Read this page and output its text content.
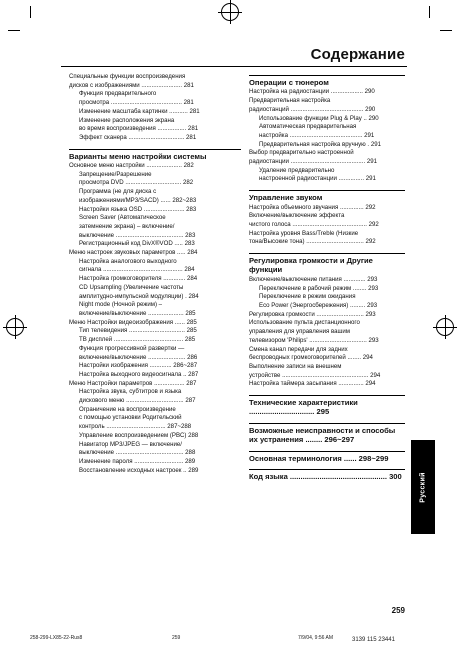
Содержание
Специальные функции воспроизведения
дисков с изображениями ........................ 281
Функция предварительного
просмотра .......................................... 281
Изменение масштаба картинки ........... 281
Изменение расположения экрана
во время воспроизведения ................. 281
Эффект сканера ................................. 281
Варианты меню настройки системы
Основное меню настройки ..................... 282
Запрещение/Разрешение
просмотра DVD ................................. 282
Программа (не для диска с
изображениями/MP3/SACD) ...... 282~283
Настройки языка OSD ........................ 283
Screen Saver (Автоматическое
затемнение экрана) – включение/
выключение ........................................ 283
Регистрационный код DivX®VOD ..... 283
Меню настроек звуковых параметров ..... 284
Настройка аналогового выходного
сигнала ............................................... 284
Настройка громкоговорителя ............. 284
CD Upsampling (Увеличение частоты
амплитудно-импульсной модуляции) . 284
Night mode (Ночной режим) –
включение/выключение ..................... 285
Меню Настройки видеоизображения ...... 285
Тип телевидения ................................. 285
ТВ дисплей ......................................... 285
Функция прогрессивной развертки —
включение/выключение ...................... 286
Настройки изображения ............. 286~287
Настройка выходного видеосигнала .. 287
Меню Настройки параметров .................. 287
Настройка звука, субтитров и языка
дискового меню .................................. 287
Ограничение на воспроизведение
с помощью установки Родительский
контроль ................................... 287~288
Управление воспроизведением (PBC) 288
Навигатор MP3/JPEG — включение/
выключение ........................................ 288
Изменение пароля ............................. 289
Восстановление исходных настроек .. 289
Операции с тюнером
Настройка на радиостанции ................... 290
Предварительная настройка
радиостанций ........................................... 290
Использование функции Plug & Play .. 290
Автоматическая предварительная
настройка ........................................... 291
Предварительная настройка вручную . 291
Выбор предварительно настроенной
радиостанции ............................................ 291
Удаление предварительно
настроенной радиостанции ............... 291
Управление звуком
Настройка объемного звучания .............. 292
Включение/выключение эффекта
чистого голоса ............................................ 292
Настройка уровня Bass/Treble (Низкие
тона/Высокие тона) .................................. 292
Регулировка громкости и Другие функции
Включение/выключение питания ............. 293
Переключение в рабочий режим ........ 293
Переключение в режим ожидания
Eco Power (Энергосбережения) ......... 293
Регулировка громкости ............................ 293
Использование пульта дистанционного
управления для управления вашим
телевизором 'Philips' .................................. 293
Смена канал передачи для задних
беспроводных громкоговорителей ........ 294
Выполнение записи на внешнем
устройстве ................................................... 294
Настройка таймера засыпания ............... 294
Технические характеристики ............................... 295
Возможные неисправности и способы их устранения ........ 296~297
Основная терминология ...... 298~299
Код языка .............................................. 300	Русский
259
258-299-LX85-22-Rus8	259	7/9/04, 9:56 AM	3139 115 23441
